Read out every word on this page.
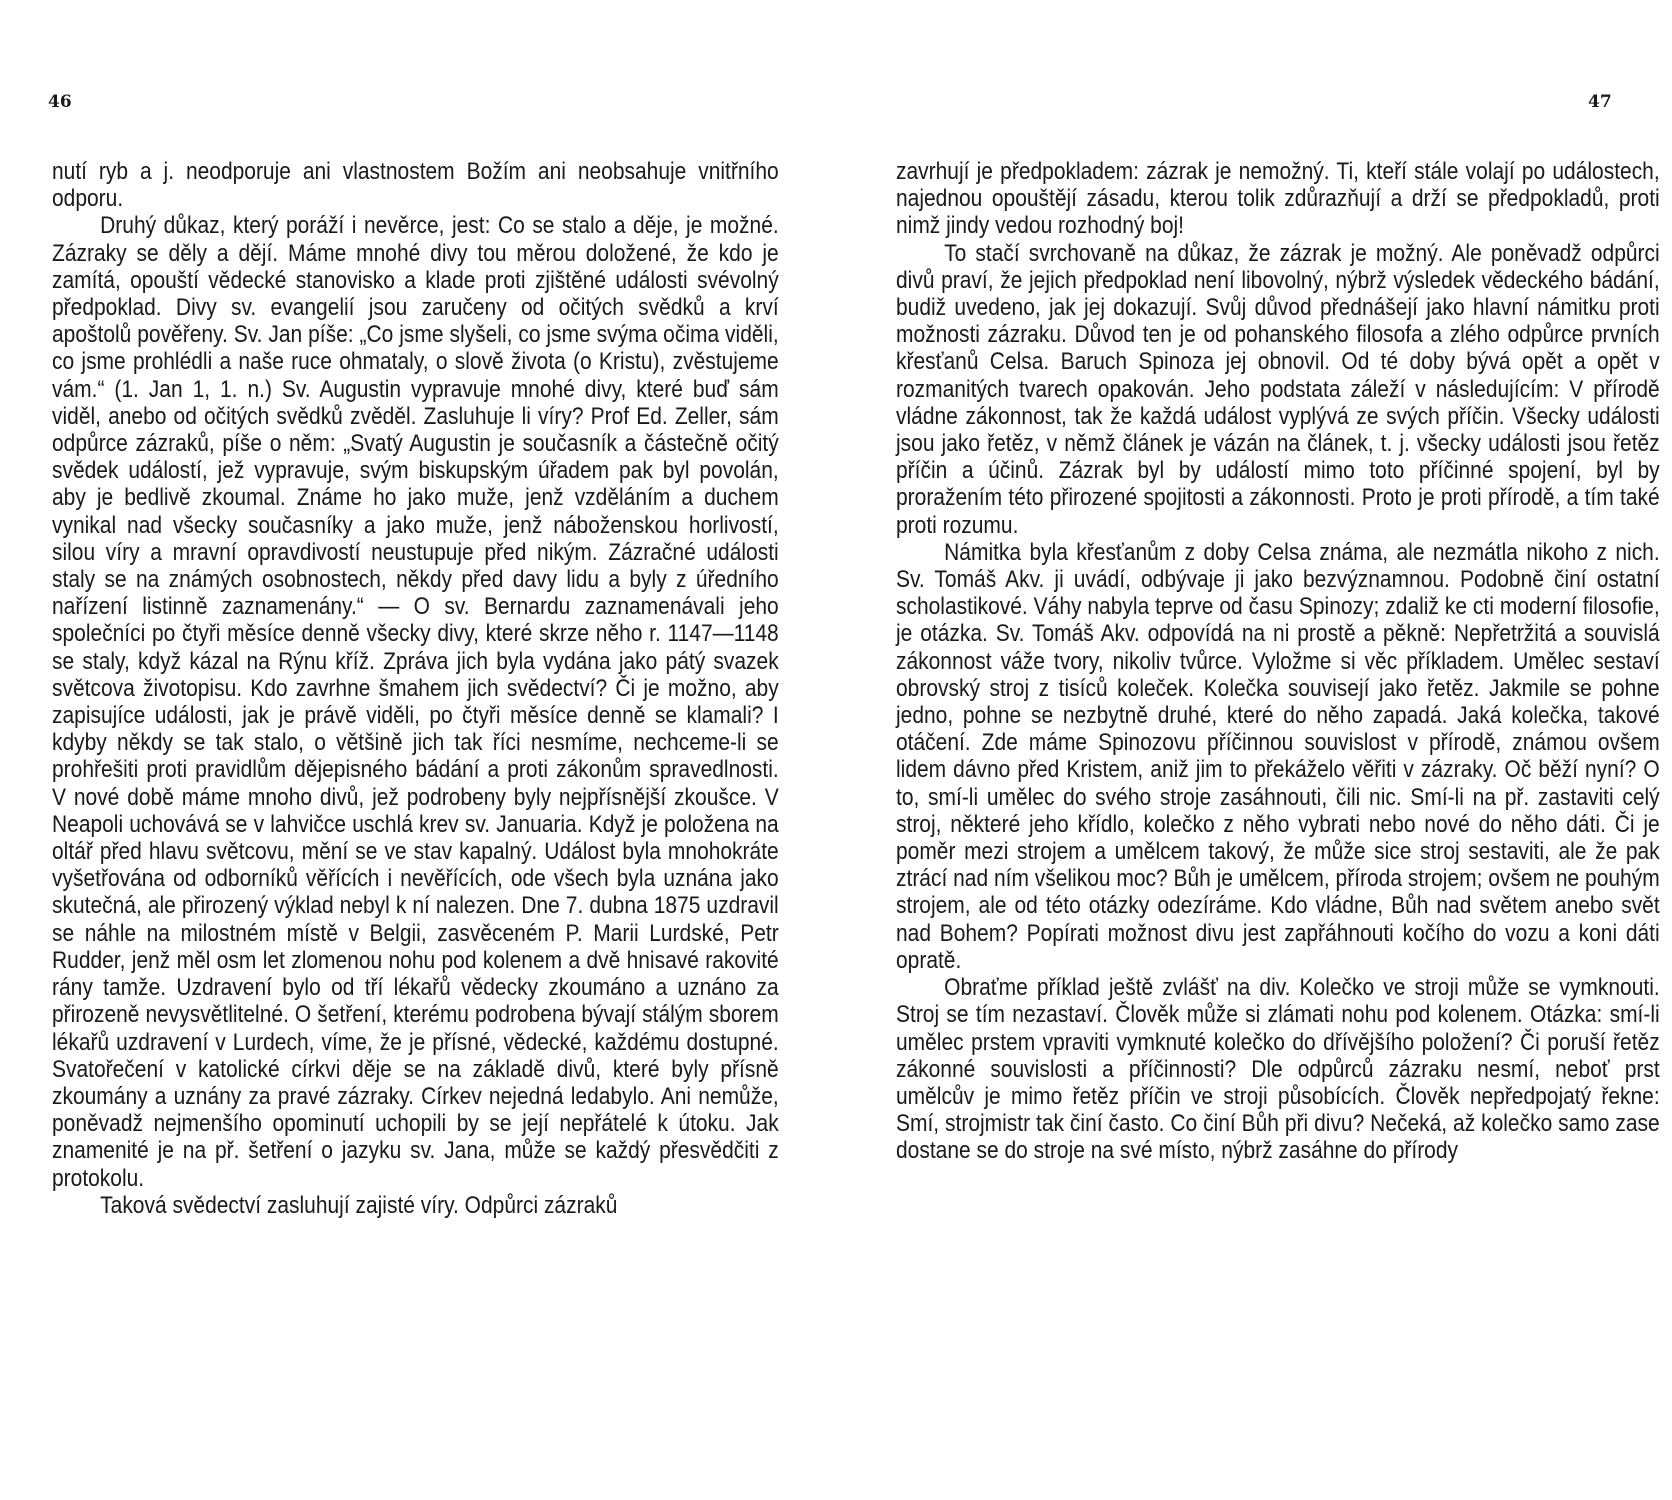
46	47

nutí ryb a j. neodporuje ani vlastnostem Božím ani neobsahuje vnitřního odporu.

Druhý důkaz, který poráží i nevěrce, jest: Co se stalo a děje, je možné. Zázraky se děly a dějí. Máme mnohé divy tou měrou doložené, že kdo je zamítá, opouští vědecké stanovisko a klade proti zjištěné události svévolný předpoklad. Divy sv. evangelií jsou zaručeny od očitých svědků a krví apoštolů pověřeny. Sv. Jan píše: „Co jsme slyšeli, co jsme svýma očima viděli, co jsme prohlédli a naše ruce ohmataly, o slově života (o Kristu), zvěstujeme vám.“ (1. Jan 1, 1. n.) Sv. Augustin vypravuje mnohé divy, které buď sám viděl, anebo od očitých svědků zvěděl. Zasluhuje li víry? Prof Ed. Zeller, sám odpůrce zázraků, píše o něm: „Svatý Augustin je současník a částečně očitý svědek událostí, jež vypravuje, svým biskupským úřadem pak byl povolán, aby je bedlivě zkoumal. Známe ho jako muže, jenž vzděláním a duchem vynikal nad všecky současníky a jako muže, jenž náboženskou horlivostí, silou víry a mravní opravdivostí neustupuje před nikým. Zázračné události staly se na známých osobnostech, někdy před davy lidu a byly z úředního nařízení listinně zaznamenány.“ — O sv. Bernardu zaznamenávali jeho společníci po čtyři měsíce denně všecky divy, které skrze něho r. 1147—1148 se staly, když kázal na Rýnu kříž. Zpráva jich byla vydána jako pátý svazek světcova životopisu. Kdo zavrhne šmahem jich svědectví? Či je možno, aby zapisujíce události, jak je právě viděli, po čtyři měsíce denně se klamali? I kdyby někdy se tak stalo, o většině jich tak říci nesmíme, nechceme-li se prohřešiti proti pravidlům dějepisného bádání a proti zákonům spravedlnosti. V nové době máme mnoho divů, jež podrobeny byly nejpřísnější zkoušce. V Neapoli uchovává se v lahvičce uschlá krev sv. Januaria. Když je položena na oltář před hlavu světcovu, mění se ve stav kapalný. Událost byla mnohokráte vyšetřována od odborníků věřících i nevěřících, ode všech byla uznána jako skutečná, ale přirozený výklad nebyl k ní nalezen. Dne 7. dubna 1875 uzdravil se náhle na milostném místě v Belgii, zasvěceném P. Marii Lurdské, Petr Rudder, jenž měl osm let zlomenou nohu pod kolenem a dvě hnisavé rakovité rány tamže. Uzdravení bylo od tří lékařů vědecky zkoumáno a uznáno za přirozeně nevysvětlitelné. O šetření, kterému podrobena bývají stálým sborem lékařů uzdravení v Lurdech, víme, že je přísné, vědecké, každému dostupné. Svatořečení v katolické církvi děje se na základě divů, které byly přísně zkoumány a uznány za pravé zázraky. Církev nejedná ledabylo. Ani nemůže, poněvadž nejmenšího opominutí uchopili by se její nepřátelé k útoku. Jak znamenité je na př. šetření o jazyku sv. Jana, může se každý přesvědčiti z protokolu.

Taková svědectví zasluhují zajisté víry. Odpůrci zázraků

zavrhují je předpokladem: zázrak je nemožný. Ti, kteří stále volají po událostech, najednou opouštějí zásadu, kterou tolik zdůrazňují a drží se předpokladů, proti nimž jindy vedou rozhodný boj!

To stačí svrchovaně na důkaz, že zázrak je možný. Ale poněvadž odpůrci divů praví, že jejich předpoklad není libovolný, nýbrž výsledek vědeckého bádání, budiž uvedeno, jak jej dokazují. Svůj důvod přednášejí jako hlavní námitku proti možnosti zázraku. Důvod ten je od pohanského filosofa a zlého odpůrce prvních křesťanů Celsa. Baruch Spinoza jej obnovil. Od té doby bývá opět a opět v rozmanitých tvarech opakován. Jeho podstata záleží v následujícím: V přírodě vládne zákonnost, tak že každá událost vyplývá ze svých příčin. Všecky události jsou jako řetěz, v němž článek je vázán na článek, t. j. všecky události jsou řetěz příčin a účinů. Zázrak byl by událostí mimo toto příčinné spojení, byl by proražením této přirozené spojitosti a zákonnosti. Proto je proti přírodě, a tím také proti rozumu.

Námitka byla křesťanům z doby Celsa známa, ale nezmátla nikoho z nich. Sv. Tomáš Akv. ji uvádí, odbývaje ji jako bezvýznamnou. Podobně činí ostatní scholastikové. Váhy nabyla teprve od času Spinozy; zdaliž ke cti moderní filosofie, je otázka. Sv. Tomáš Akv. odpovídá na ni prostě a pěkně: Nepřetržitá a souvislá zákonnost váže tvory, nikoliv tvůrce. Vyložme si věc příkladem. Umělec sestaví obrovský stroj z tisíců koleček. Kolečka souvisejí jako řetěz. Jakmile se pohne jedno, pohne se nezbytně druhé, které do něho zapadá. Jaká kolečka, takové otáčení. Zde máme Spinozovu příčinnou souvislost v přírodě, známou ovšem lidem dávno před Kristem, aniž jim to překáželo věřiti v zázraky. Oč běží nyní? O to, smí-li umělec do svého stroje zasáhnouti, čili nic. Smí-li na př. zastaviti celý stroj, některé jeho křídlo, kolečko z něho vybrati nebo nové do něho dáti. Či je poměr mezi strojem a umělcem takový, že může sice stroj sestaviti, ale že pak ztrácí nad ním všelikou moc? Bůh je umělcem, příroda strojem; ovšem ne pouhým strojem, ale od této otázky odezíráme. Kdo vládne, Bůh nad světem anebo svět nad Bohem? Popírati možnost divu jest zapřáhnouti kočího do vozu a koni dáti opratě.

Obraťme příklad ještě zvlášť na div. Kolečko ve stroji může se vymknouti. Stroj se tím nezastaví. Člověk může si zlámati nohu pod kolenem. Otázka: smí-li umělec prstem vpraviti vymknuté kolečko do dřívějšího položení? Či poruší řetěz zákonné souvislosti a příčinnosti? Dle odpůrců zázraku nesmí, neboť prst umělcův je mimo řetěz příčin ve stroji působících. Člověk nepředpojatý řekne: Smí, strojmistr tak činí často. Co činí Bůh při divu? Nečeká, až kolečko samo zase dostane se do stroje na své místo, nýbrž zasáhne do přírody
